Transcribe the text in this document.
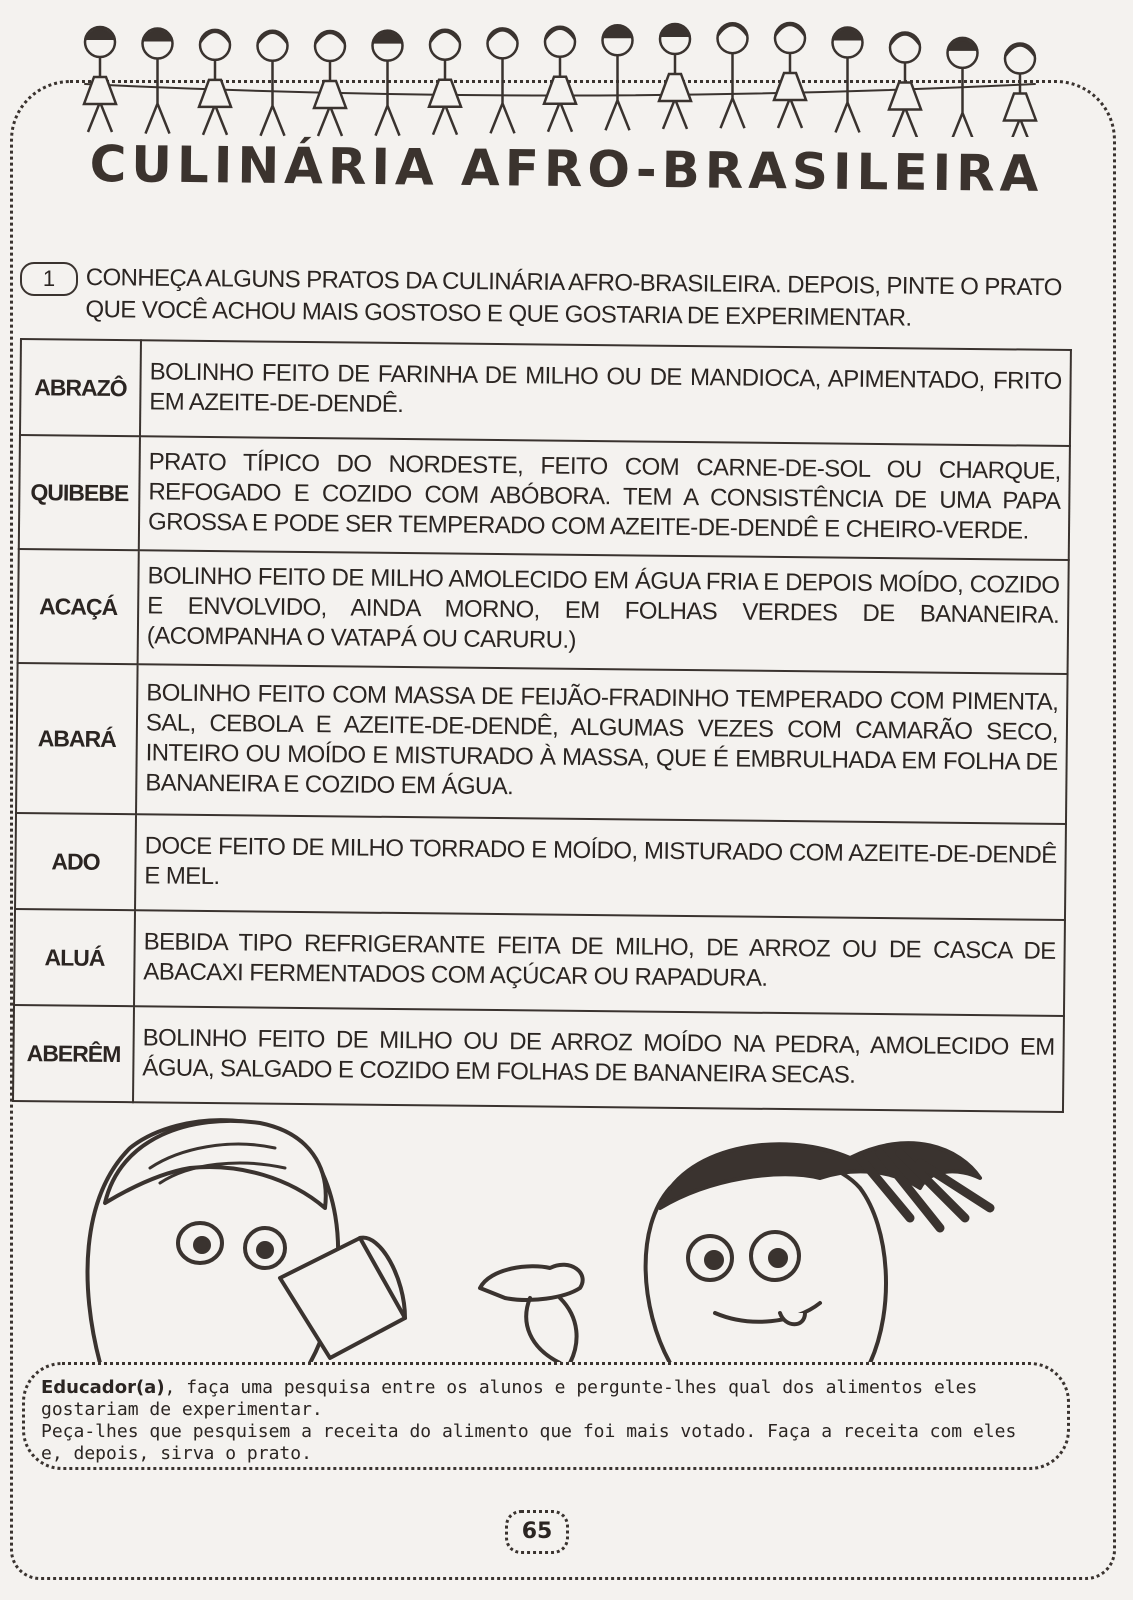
CULINÁRIA AFRO-BRASILEIRA
1	CONHEÇA ALGUNS PRATOS DA CULINÁRIA AFRO-BRASILEIRA. DEPOIS, PINTE O PRATO QUE VOCÊ ACHOU MAIS GOSTOSO E QUE GOSTARIA DE EXPERIMENTAR.
ABRAZÔ	BOLINHO FEITO DE FARINHA DE MILHO OU DE MANDIOCA, APIMENTADO, FRITO EM AZEITE-DE-DENDÊ.
QUIBEBE	PRATO TÍPICO DO NORDESTE, FEITO COM CARNE-DE-SOL OU CHARQUE, REFOGADO E COZIDO COM ABÓBORA. TEM A CONSISTÊNCIA DE UMA PAPA GROSSA E PODE SER TEMPERADO COM AZEITE-DE-DENDÊ E CHEIRO-VERDE.
ACAÇÁ	BOLINHO FEITO DE MILHO AMOLECIDO EM ÁGUA FRIA E DEPOIS MOÍDO, COZIDO E ENVOLVIDO, AINDA MORNO, EM FOLHAS VERDES DE BANANEIRA. (ACOMPANHA O VATAPÁ OU CARURU.)
ABARÁ	BOLINHO FEITO COM MASSA DE FEIJÃO-FRADINHO TEMPERADO COM PIMENTA, SAL, CEBOLA E AZEITE-DE-DENDÊ, ALGUMAS VEZES COM CAMARÃO SECO, INTEIRO OU MOÍDO E MISTURADO À MASSA, QUE É EMBRULHADA EM FOLHA DE BANANEIRA E COZIDO EM ÁGUA.
ADO	DOCE FEITO DE MILHO TORRADO E MOÍDO, MISTURADO COM AZEITE-DE-DENDÊ E MEL.
ALUÁ	BEBIDA TIPO REFRIGERANTE FEITA DE MILHO, DE ARROZ OU DE CASCA DE ABACAXI FERMENTADOS COM AÇÚCAR OU RAPADURA.
ABERÊM	BOLINHO FEITO DE MILHO OU DE ARROZ MOÍDO NA PEDRA, AMOLECIDO EM ÁGUA, SALGADO E COZIDO EM FOLHAS DE BANANEIRA SECAS.
Educador(a), faça uma pesquisa entre os alunos e pergunte-lhes qual dos alimentos eles gostariam de experimentar.
Peça-lhes que pesquisem a receita do alimento que foi mais votado. Faça a receita com eles e, depois, sirva o prato.
65
